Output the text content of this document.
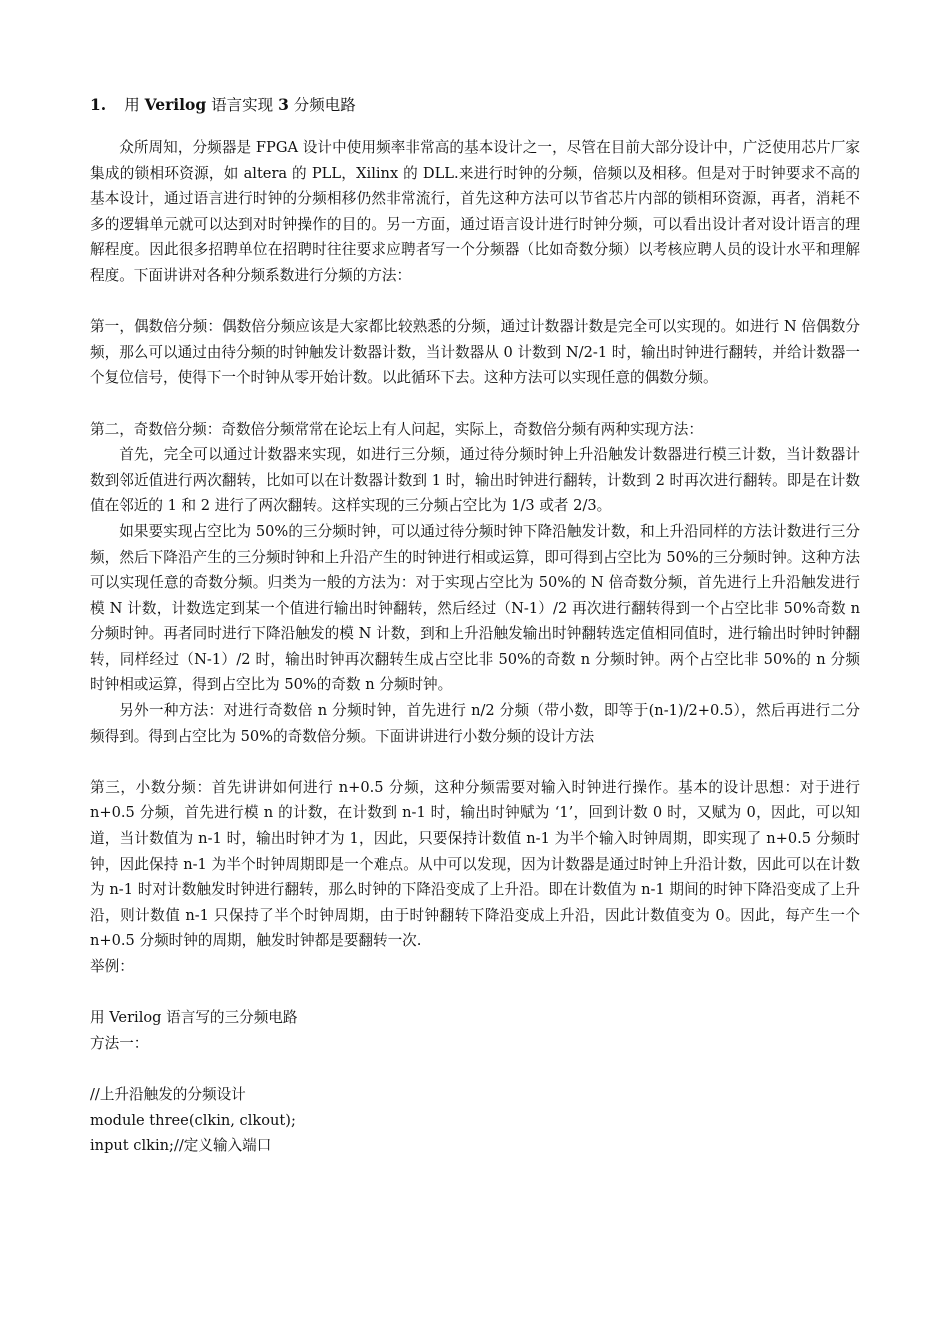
1. 用 Verilog 语言实现 3 分频电路

众所周知，分频器是 FPGA 设计中使用频率非常高的基本设计之一，尽管在目前大部分设计中，广泛使用芯片厂家集成的锁相环资源，如 altera 的 PLL，Xilinx 的 DLL.来进行时钟的分频，倍频以及相移。但是对于时钟要求不高的基本设计，通过语言进行时钟的分频相移仍然非常流行，首先这种方法可以节省芯片内部的锁相环资源，再者，消耗不多的逻辑单元就可以达到对时钟操作的目的。另一方面，通过语言设计进行时钟分频，可以看出设计者对设计语言的理解程度。因此很多招聘单位在招聘时往往要求应聘者写一个分频器（比如奇数分频）以考核应聘人员的设计水平和理解程度。下面讲讲对各种分频系数进行分频的方法：

第一，偶数倍分频：偶数倍分频应该是大家都比较熟悉的分频，通过计数器计数是完全可以实现的。如进行 N 倍偶数分频，那么可以通过由待分频的时钟触发计数器计数，当计数器从 0 计数到 N/2-1 时，输出时钟进行翻转，并给计数器一个复位信号，使得下一个时钟从零开始计数。以此循环下去。这种方法可以实现任意的偶数分频。

第二，奇数倍分频：奇数倍分频常常在论坛上有人问起，实际上，奇数倍分频有两种实现方法：

首先，完全可以通过计数器来实现，如进行三分频，通过待分频时钟上升沿触发计数器进行模三计数，当计数器计数到邻近值进行两次翻转，比如可以在计数器计数到 1 时，输出时钟进行翻转，计数到 2 时再次进行翻转。即是在计数值在邻近的 1 和 2 进行了两次翻转。这样实现的三分频占空比为 1/3 或者 2/3。

如果要实现占空比为 50%的三分频时钟，可以通过待分频时钟下降沿触发计数，和上升沿同样的方法计数进行三分频，然后下降沿产生的三分频时钟和上升沿产生的时钟进行相或运算，即可得到占空比为 50%的三分频时钟。这种方法可以实现任意的奇数分频。归类为一般的方法为：对于实现占空比为 50%的 N 倍奇数分频，首先进行上升沿触发进行模 N 计数，计数选定到某一个值进行输出时钟翻转，然后经过（N-1）/2 再次进行翻转得到一个占空比非 50%奇数 n 分频时钟。再者同时进行下降沿触发的模 N 计数，到和上升沿触发输出时钟翻转选定值相同值时，进行输出时钟时钟翻转，同样经过（N-1）/2 时，输出时钟再次翻转生成占空比非 50%的奇数 n 分频时钟。两个占空比非 50%的 n 分频时钟相或运算，得到占空比为 50%的奇数 n 分频时钟。

另外一种方法：对进行奇数倍 n 分频时钟，首先进行 n/2 分频（带小数，即等于(n-1)/2+0.5），然后再进行二分频得到。得到占空比为 50%的奇数倍分频。下面讲讲进行小数分频的设计方法

第三，小数分频：首先讲讲如何进行 n+0.5 分频，这种分频需要对输入时钟进行操作。基本的设计思想：对于进行 n+0.5 分频，首先进行模 n 的计数，在计数到 n-1 时，输出时钟赋为 ‘1’，回到计数 0 时，又赋为 0，因此，可以知道，当计数值为 n-1 时，输出时钟才为 1，因此，只要保持计数值 n-1 为半个输入时钟周期，即实现了 n+0.5 分频时钟，因此保持 n-1 为半个时钟周期即是一个难点。从中可以发现，因为计数器是通过时钟上升沿计数，因此可以在计数为 n-1 时对计数触发时钟进行翻转，那么时钟的下降沿变成了上升沿。即在计数值为 n-1 期间的时钟下降沿变成了上升沿，则计数值 n-1 只保持了半个时钟周期，由于时钟翻转下降沿变成上升沿，因此计数值变为 0。因此，每产生一个 n+0.5 分频时钟的周期，触发时钟都是要翻转一次.

举例：

用 Verilog 语言写的三分频电路

方法一：

//上升沿触发的分频设计

module three(clkin, clkout);

input clkin;//定义输入端口
